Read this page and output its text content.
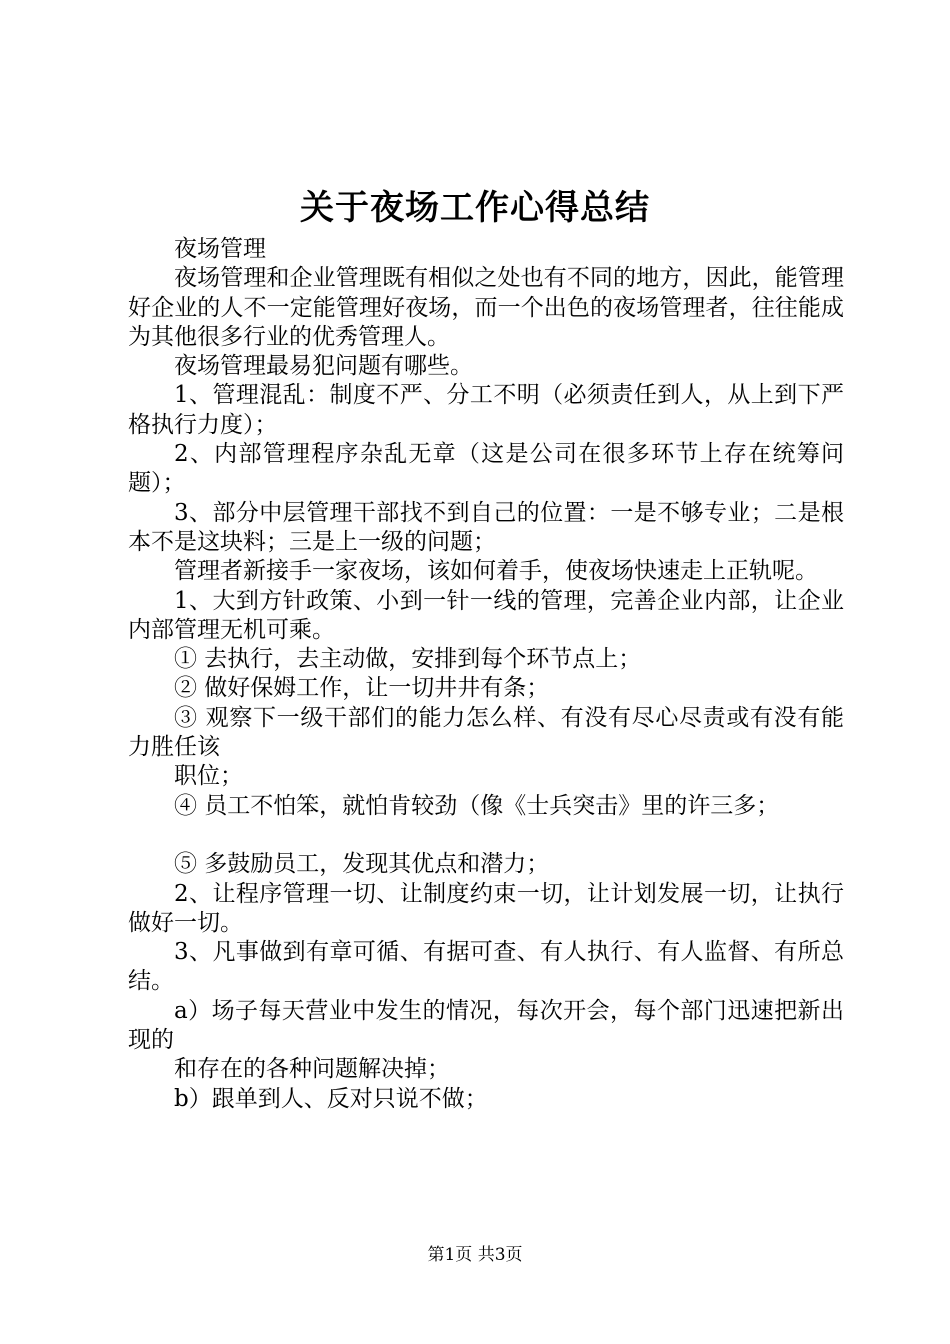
关于夜场工作心得总结

夜场管理

夜场管理和企业管理既有相似之处也有不同的地方，因此，能管理好企业的人不一定能管理好夜场，而一个出色的夜场管理者，往往能成为其他很多行业的优秀管理人。

夜场管理最易犯问题有哪些。

1、管理混乱：制度不严、分工不明（必须责任到人，从上到下严格执行力度）；

2、内部管理程序杂乱无章（这是公司在很多环节上存在统筹问题）；

3、部分中层管理干部找不到自己的位置：一是不够专业；二是根本不是这块料；三是上一级的问题；

管理者新接手一家夜场，该如何着手，使夜场快速走上正轨呢。

1、大到方针政策、小到一针一线的管理，完善企业内部，让企业内部管理无机可乘。

① 去执行，去主动做，安排到每个环节点上；

② 做好保姆工作，让一切井井有条；

③ 观察下一级干部们的能力怎么样、有没有尽心尽责或有没有能力胜任该

职位；

④ 员工不怕笨，就怕肯较劲（像《士兵突击》里的许三多；

⑤ 多鼓励员工，发现其优点和潜力；

2、让程序管理一切、让制度约束一切，让计划发展一切，让执行做好一切。

3、凡事做到有章可循、有据可查、有人执行、有人监督、有所总结。

a）场子每天营业中发生的情况，每次开会，每个部门迅速把新出现的

和存在的各种问题解决掉；

b）跟单到人、反对只说不做；

第1页 共3页
